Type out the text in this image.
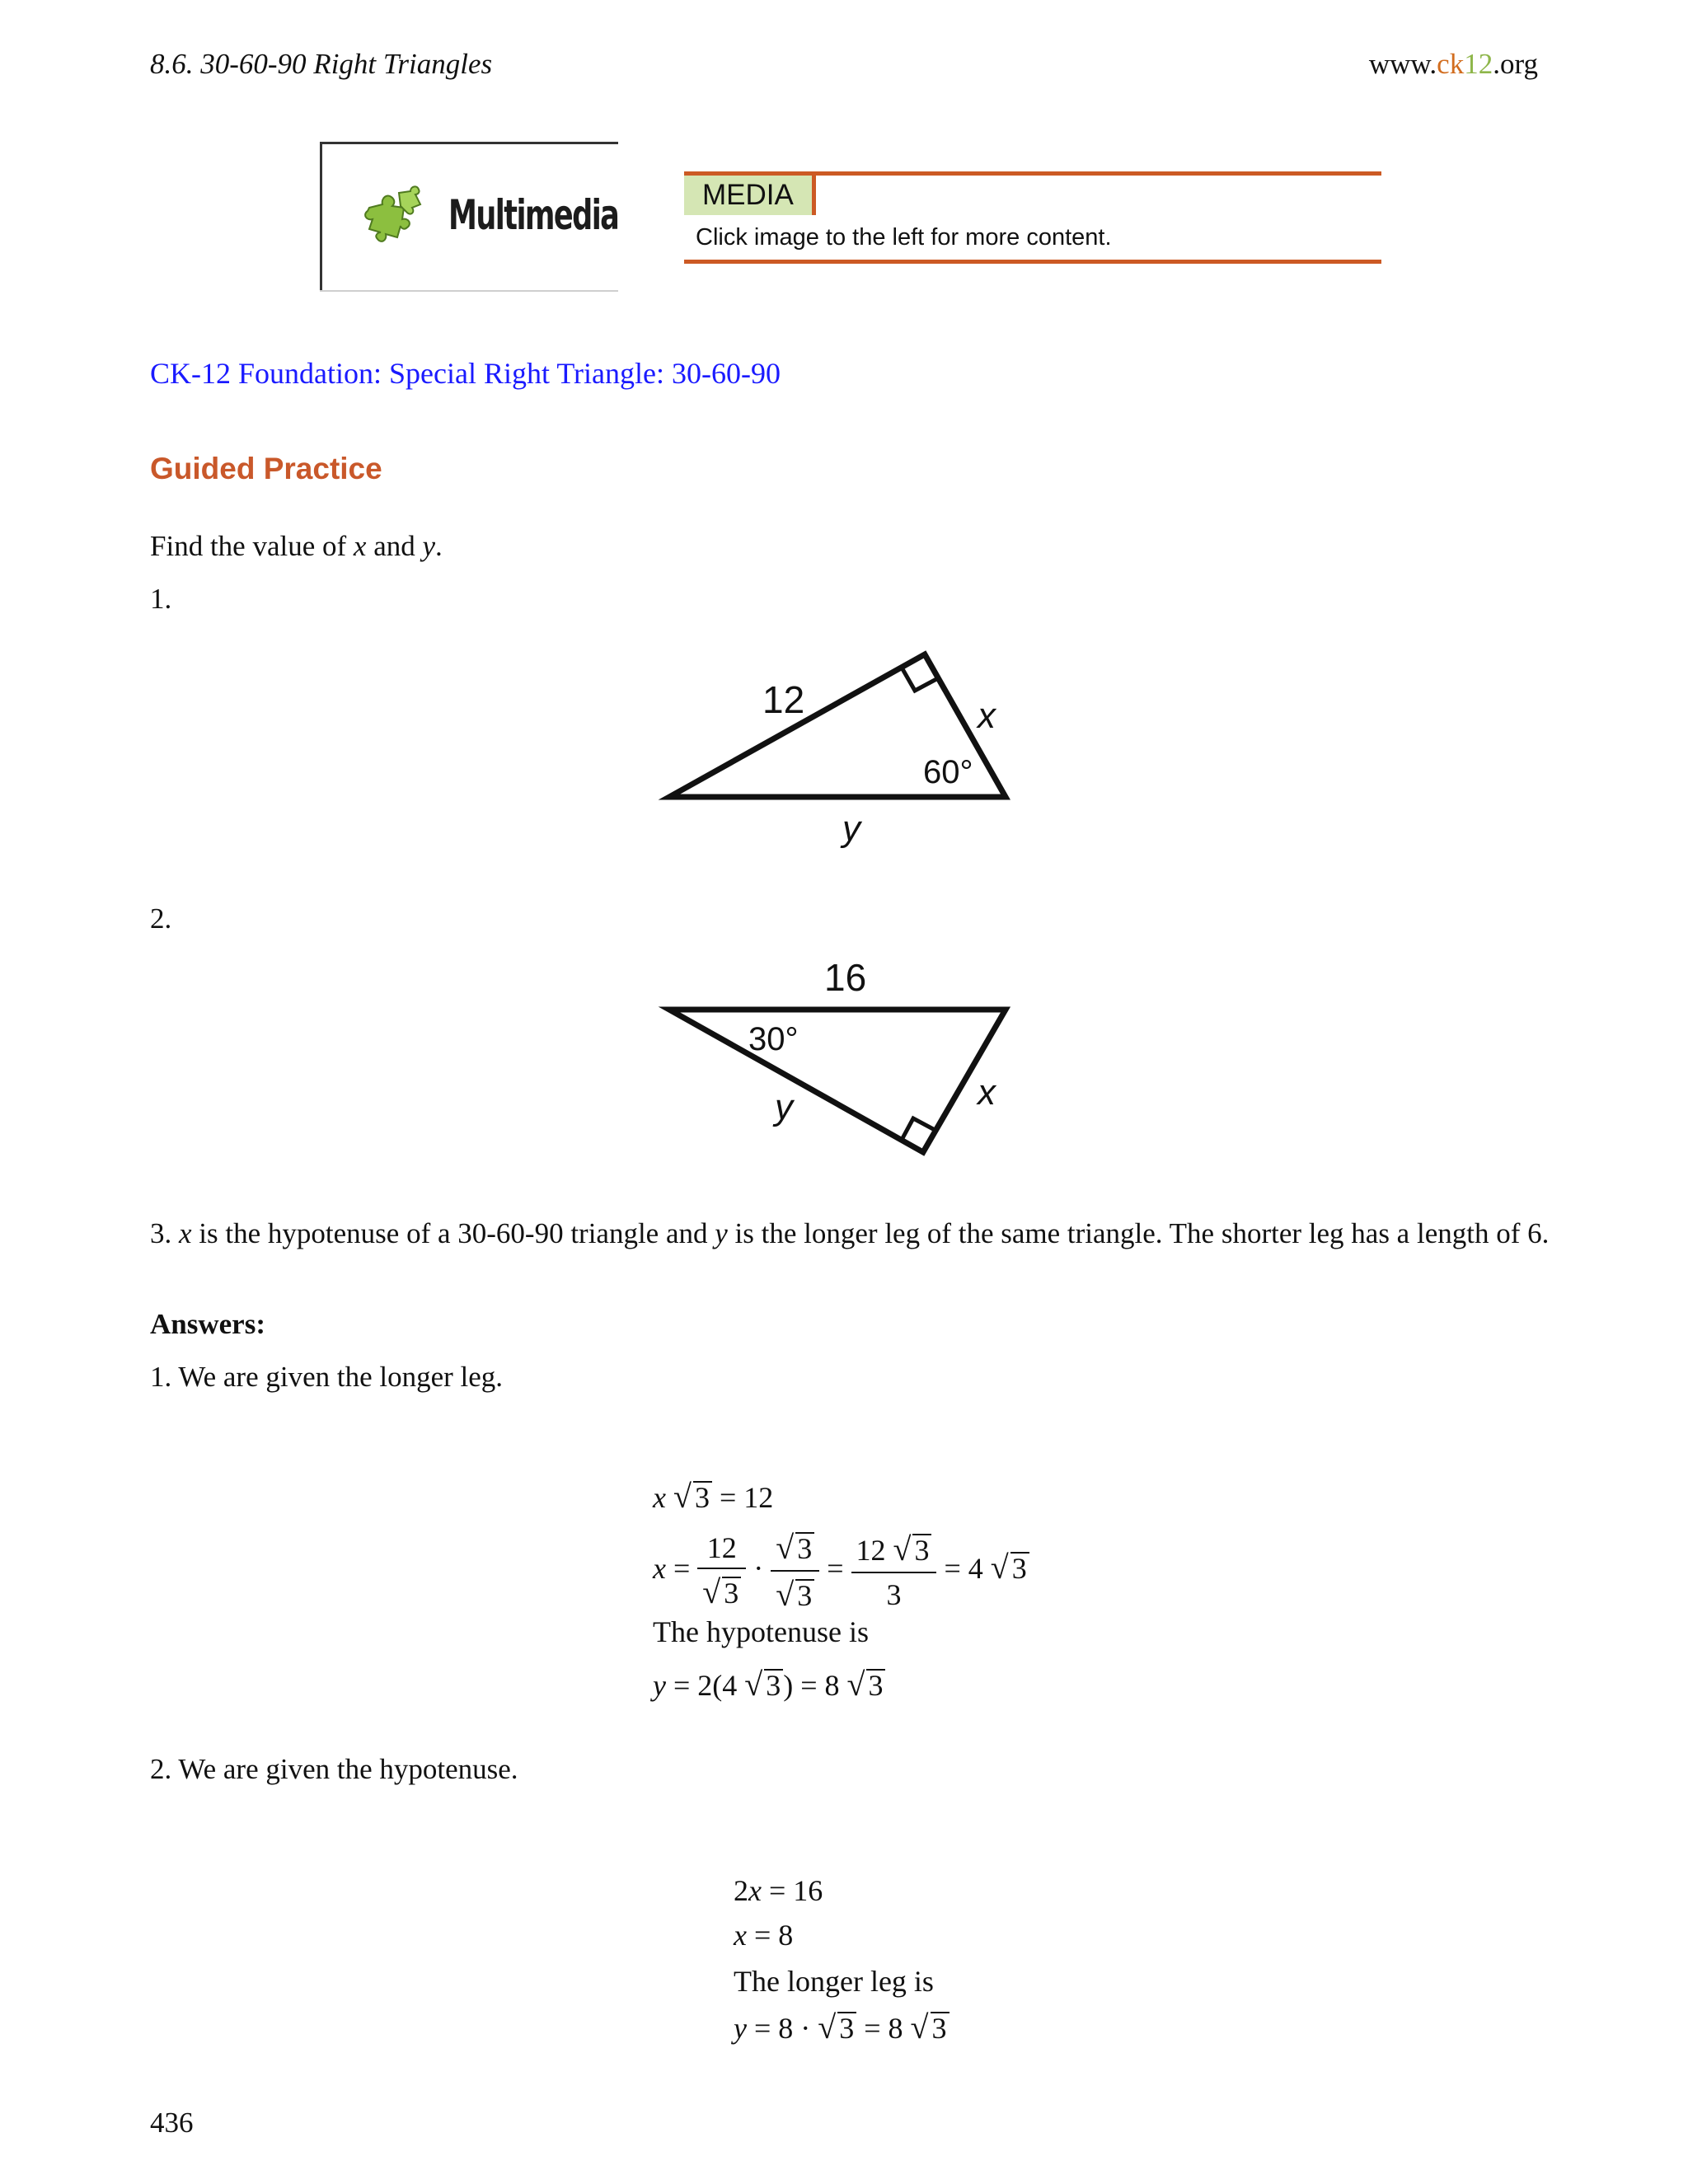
8.6. 30-60-90 Right Triangles	www.ck12.org
Multimedia	MEDIA
Click image to the left for more content.
CK-12 Foundation: Special Right Triangle: 30-60-90
Guided Practice
Find the value of x and y.
1.
12	x
60°
y
2.
16
30°
x
y
3. x is the hypotenuse of a 30-60-90 triangle and y is the longer leg of the same triangle. The shorter leg has a length of 6.
Answers:
1. We are given the longer leg.
x √ 3 = 12
$x = \frac{12}{√ 3} \cdot \frac{√ 3}{√ 3} = \frac{12 √ 3}{3} = 4$ √ 3
The hypotenuse is
y = 2(4 √ 3) = 8 √ 3
2. We are given the hypotenuse.
2x = 16
x = 8
The longer leg is
y = 8 · √ 3 = 8 √ 3
436
